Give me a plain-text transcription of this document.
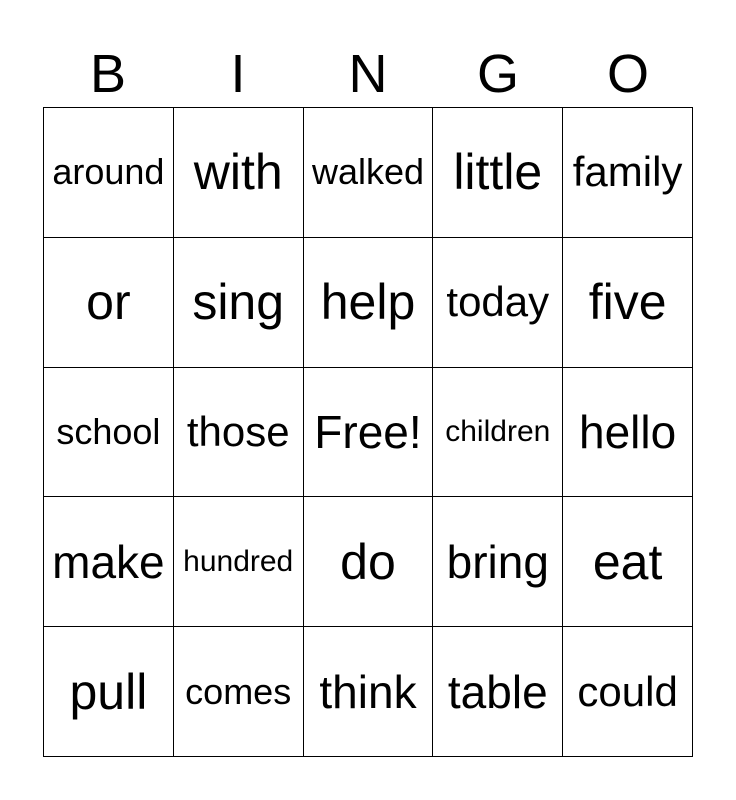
B	I	N	G	O
around with walked little family
or sing help today five
school those Free! children hello
make hundred do bring eat
pull comes think table could
